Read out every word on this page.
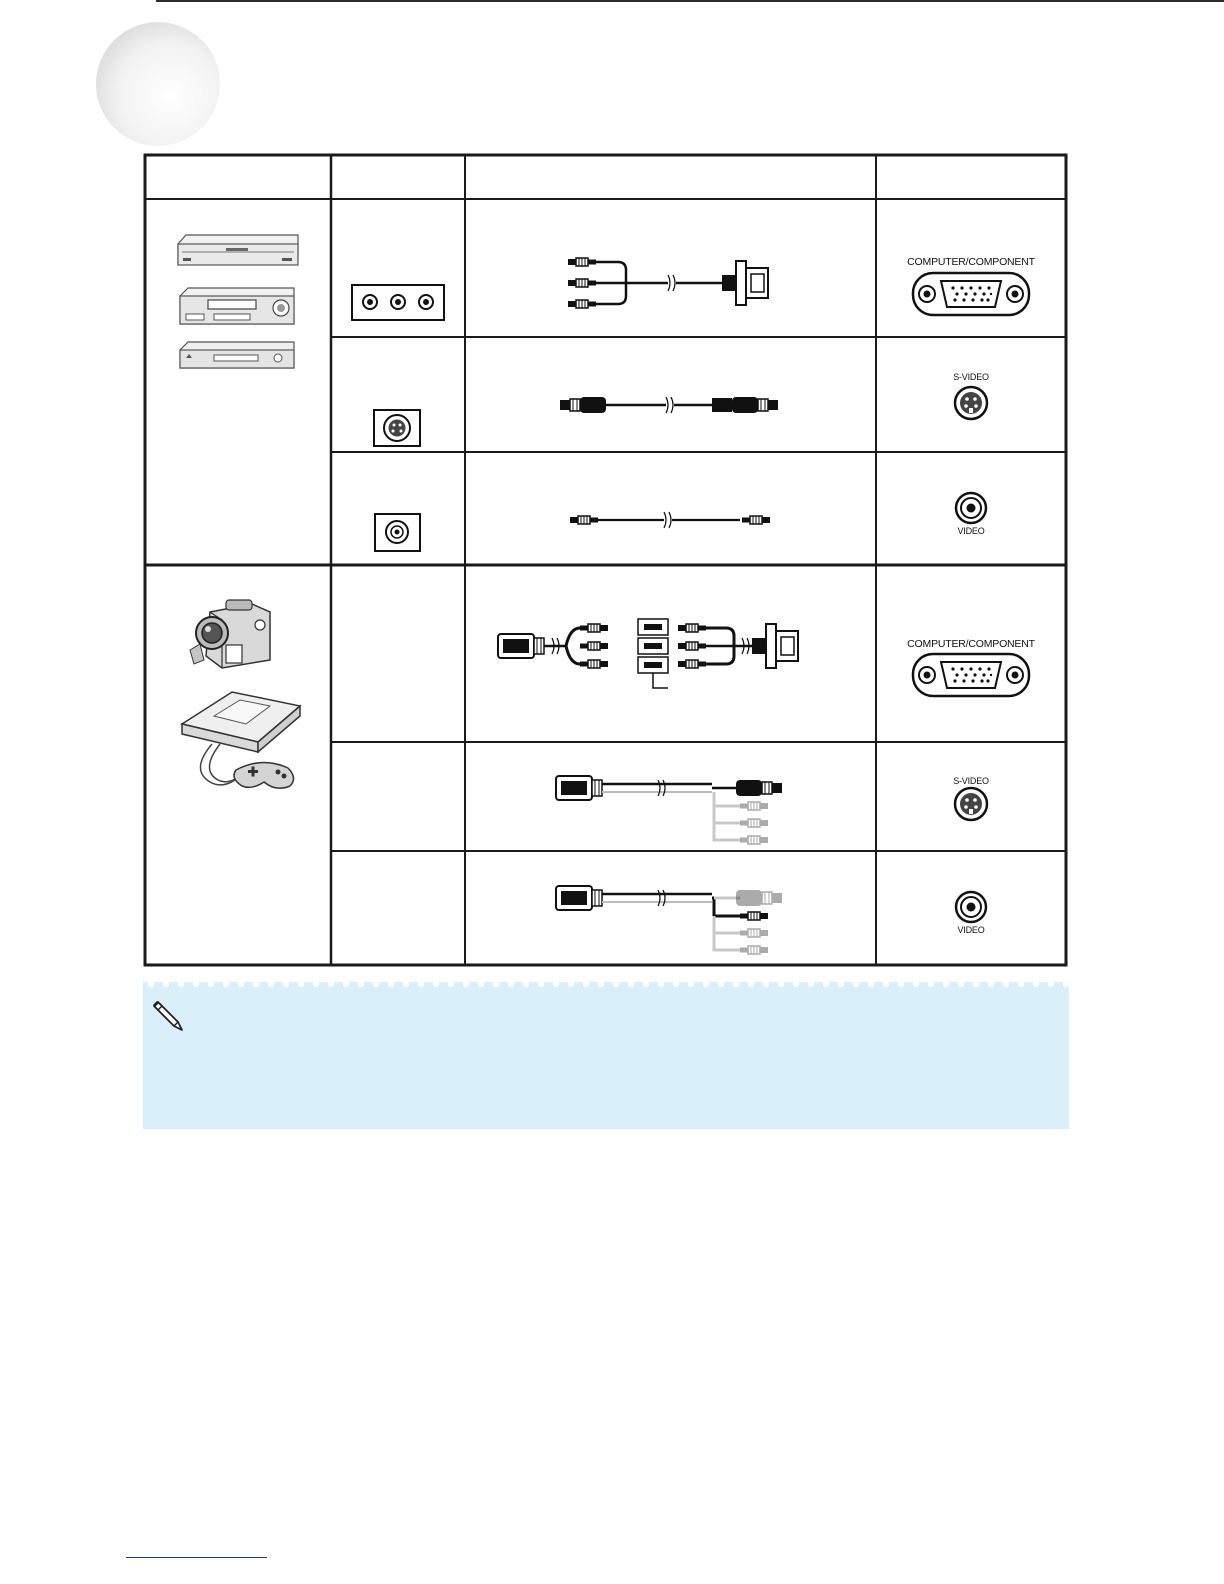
COMPUTER/COMPONENT
S-VIDEO
VIDEO
COMPUTER/COMPONENT
S-VIDEO
VIDEO
